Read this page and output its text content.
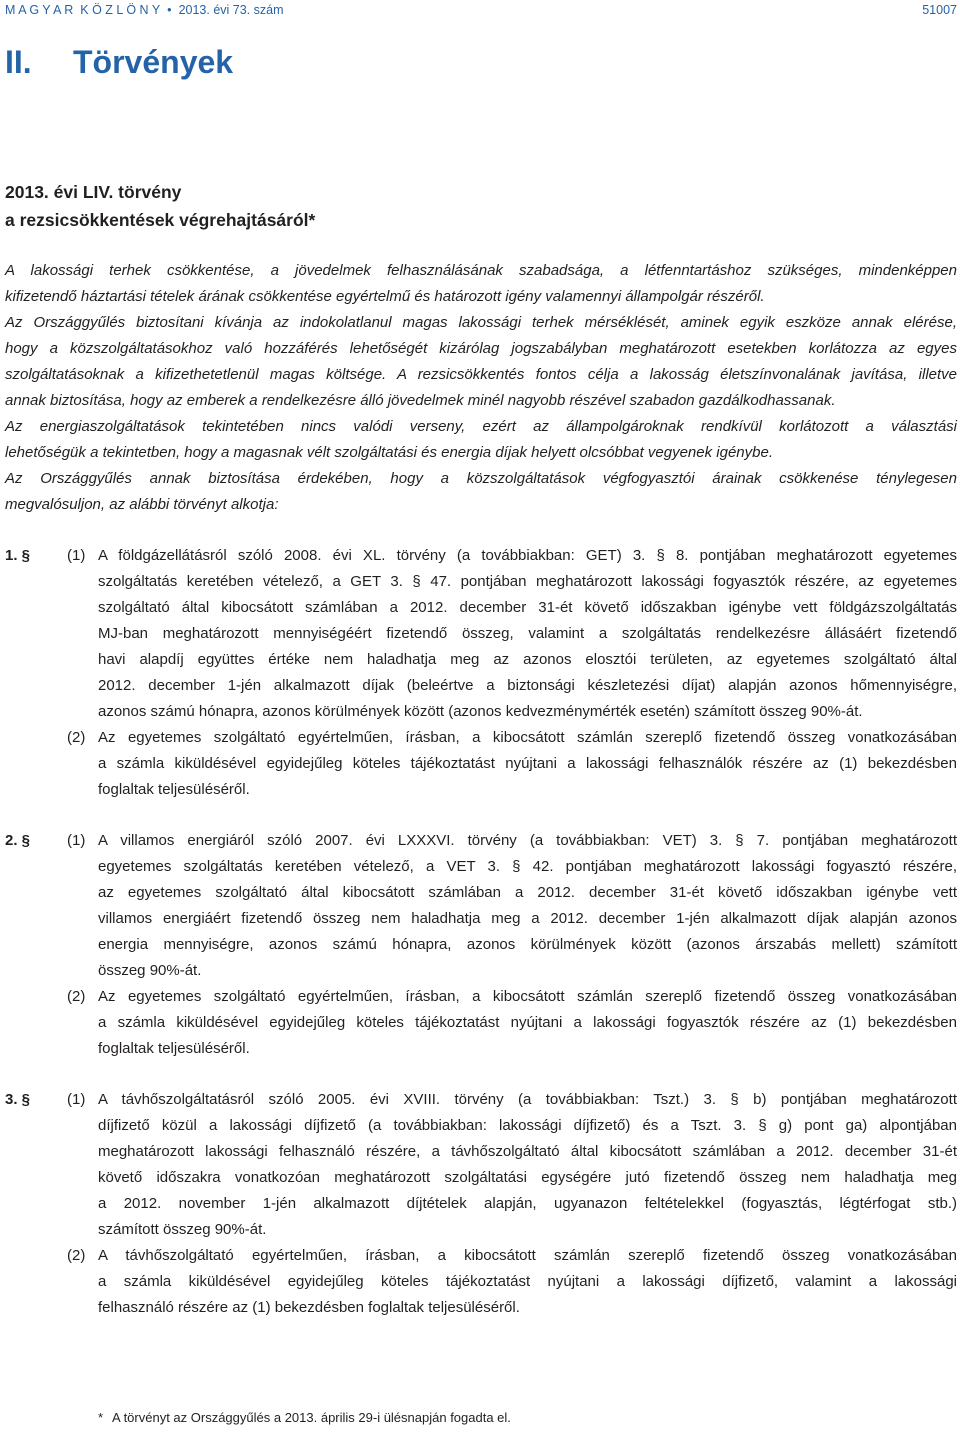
M A G Y A R  K Ö Z L Ö N Y • 2013. évi 73. szám	51007
II. Törvények
2013. évi LIV. törvény
a rezsicsökkentések végrehajtásáról*
A lakossági terhek csökkentése, a jövedelmek felhasználásának szabadsága, a létfenntartáshoz szükséges, mindenképpen
kifizetendő háztartási tételek árának csökkentése egyértelmű és határozott igény valamennyi állampolgár részéről.
Az Országgyűlés biztosítani kívánja az indokolatlanul magas lakossági terhek mérséklését, aminek egyik eszköze annak elérése,
hogy a közszolgáltatásokhoz való hozzáférés lehetőségét kizárólag jogszabályban meghatározott esetekben korlátozza az egyes
szolgáltatásoknak a kifizethetetlenül magas költsége. A rezsicsökkentés fontos célja a lakosság életszínvonalának javítása, illetve
annak biztosítása, hogy az emberek a rendelkezésre álló jövedelmek minél nagyobb részével szabadon gazdálkodhassanak.
Az energiaszolgáltatások tekintetében nincs valódi verseny, ezért az állampolgároknak rendkívül korlátozott a választási
lehetőségük a tekintetben, hogy a magasnak vélt szolgáltatási és energia díjak helyett olcsóbbat vegyenek igénybe.
Az Országgyűlés annak biztosítása érdekében, hogy a közszolgáltatások végfogyasztói árainak csökkenése ténylegesen
megvalósuljon, az alábbi törvényt alkotja:
1. § (1) A földgázellátásról szóló 2008. évi XL. törvény (a továbbiakban: GET) 3. § 8. pontjában meghatározott egyetemes
szolgáltatás keretében vételező, a GET 3. § 47. pontjában meghatározott lakossági fogyasztók részére, az egyetemes
szolgáltató által kibocsátott számlában a 2012. december 31-ét követő időszakban igénybe vett földgázszolgáltatás
MJ-ban meghatározott mennyiségéért fizetendő összeg, valamint a szolgáltatás rendelkezésre állásáért fizetendő
havi alapdíj együttes értéke nem haladhatja meg az azonos elosztói területen, az egyetemes szolgáltató által
2012. december 1-jén alkalmazott díjak (beleértve a biztonsági készletezési díjat) alapján azonos hőmennyiségre,
azonos számú hónapra, azonos körülmények között (azonos kedvezménymérték esetén) számított összeg 90%-át.
(2) Az egyetemes szolgáltató egyértelműen, írásban, a kibocsátott számlán szereplő fizetendő összeg vonatkozásában
a számla kiküldésével egyidejűleg köteles tájékoztatást nyújtani a lakossági felhasználók részére az (1) bekezdésben
foglaltak teljesüléséről.
2. § (1) A villamos energiáról szóló 2007. évi LXXXVI. törvény (a továbbiakban: VET) 3. § 7. pontjában meghatározott
egyetemes szolgáltatás keretében vételező, a VET 3. § 42. pontjában meghatározott lakossági fogyasztó részére,
az egyetemes szolgáltató által kibocsátott számlában a 2012. december 31-ét követő időszakban igénybe vett
villamos energiáért fizetendő összeg nem haladhatja meg a 2012. december 1-jén alkalmazott díjak alapján azonos
energia mennyiségre, azonos számú hónapra, azonos körülmények között (azonos árszabás mellett) számított
összeg 90%-át.
(2) Az egyetemes szolgáltató egyértelműen, írásban, a kibocsátott számlán szereplő fizetendő összeg vonatkozásában
a számla kiküldésével egyidejűleg köteles tájékoztatást nyújtani a lakossági fogyasztók részére az (1) bekezdésben
foglaltak teljesüléséről.
3. § (1) A távhőszolgáltatásról szóló 2005. évi XVIII. törvény (a továbbiakban: Tszt.) 3. § b) pontjában meghatározott
díjfizető közül a lakossági díjfizető (a továbbiakban: lakossági díjfizető) és a Tszt. 3. § g) pont ga) alpontjában
meghatározott lakossági felhasználó részére, a távhőszolgáltató által kibocsátott számlában a 2012. december 31-ét
követő időszakra vonatkozóan meghatározott szolgáltatási egységére jutó fizetendő összeg nem haladhatja meg
a 2012. november 1-jén alkalmazott díjtételek alapján, ugyanazon feltételekkel (fogyasztás, légtérfogat stb.)
számított összeg 90%-át.
(2) A távhőszolgáltató egyértelműen, írásban, a kibocsátott számlán szereplő fizetendő összeg vonatkozásában
a számla kiküldésével egyidejűleg köteles tájékoztatást nyújtani a lakossági díjfizető, valamint a lakossági
felhasználó részére az (1) bekezdésben foglaltak teljesüléséről.
* A törvényt az Országgyűlés a 2013. április 29-i ülésnapján fogadta el.
